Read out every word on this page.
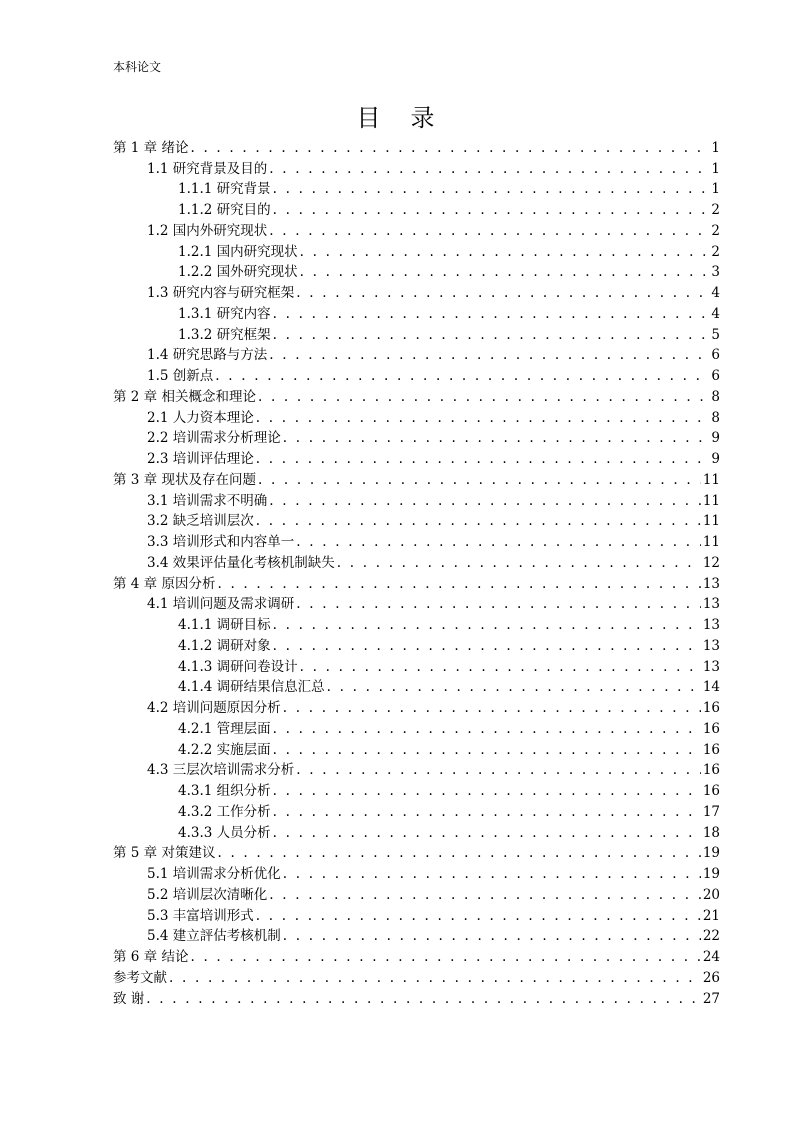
本科论文
目 录
第 1 章 绪论 . . .	1
1.1 研究背景及目的 . . .	1
1.1.1 研究背景 . . .	1
1.1.2 研究目的 . . .	2
1.2 国内外研究现状 . . .	2
1.2.1 国内研究现状 . . .	2
1.2.2 国外研究现状 . . .	3
1.3 研究内容与研究框架 . . .	4
1.3.1 研究内容 . . .	4
1.3.2 研究框架 . . .	5
1.4 研究思路与方法 . . .	6
1.5 创新点 . . .	6
第 2 章 相关概念和理论 . . .	8
2.1 人力资本理论 . . .	8
2.2 培训需求分析理论 . . .	9
2.3 培训评估理论 . . .	9
第 3 章 现状及存在问题 . . .	11
3.1 培训需求不明确 . . .	11
3.2 缺乏培训层次 . . .	11
3.3 培训形式和内容单一 . . .	11
3.4 效果评估量化考核机制缺失 . . .	12
第 4 章 原因分析 . . .	13
4.1 培训问题及需求调研 . . .	13
4.1.1 调研目标 . . .	13
4.1.2 调研对象 . . .	13
4.1.3 调研问卷设计 . . .	13
4.1.4 调研结果信息汇总 . . .	14
4.2 培训问题原因分析 . . .	16
4.2.1 管理层面 . . .	16
4.2.2 实施层面 . . .	16
4.3 三层次培训需求分析 . . .	16
4.3.1 组织分析 . . .	16
4.3.2 工作分析 . . .	17
4.3.3 人员分析 . . .	18
第 5 章 对策建议 . . .	19
5.1 培训需求分析优化 . . .	19
5.2 培训层次清晰化 . . .	20
5.3 丰富培训形式 . . .	21
5.4 建立評估考核机制 . . .	22
第 6 章 结论 . . .	24
参考文献 . . .	26
致 谢 . . .	27
